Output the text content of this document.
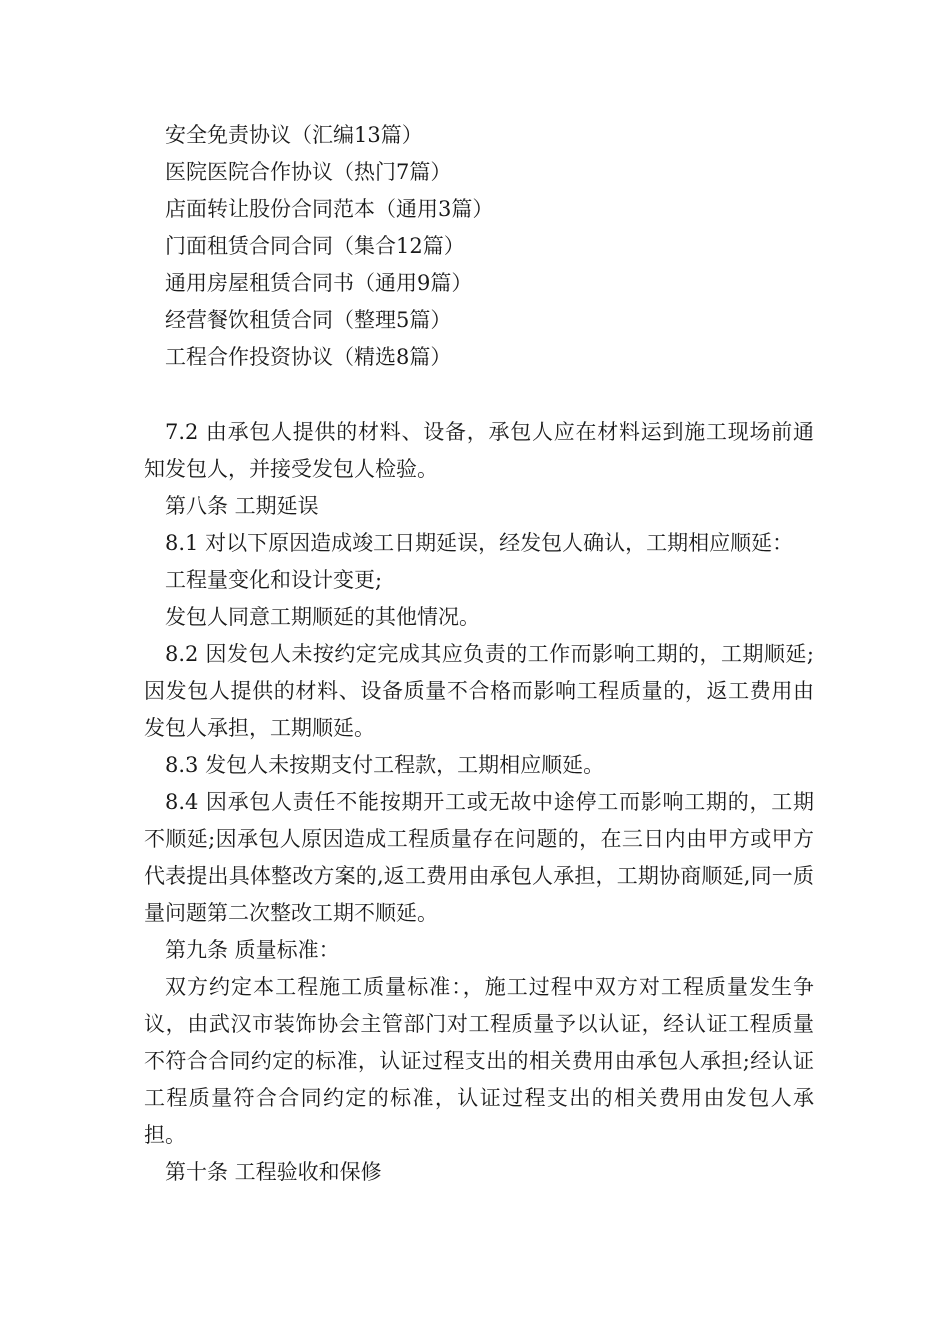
安全免责协议（汇编13篇）
医院医院合作协议（热门7篇）
店面转让股份合同范本（通用3篇）
门面租赁合同合同（集合12篇）
通用房屋租赁合同书（通用9篇）
经营餐饮租赁合同（整理5篇）
工程合作投资协议（精选8篇）

7.2 由承包人提供的材料、设备，承包人应在材料运到施工现场前通知发包人，并接受发包人检验。

第八条 工期延误

8.1 对以下原因造成竣工日期延误，经发包人确认，工期相应顺延：

工程量变化和设计变更;

发包人同意工期顺延的其他情况。

8.2 因发包人未按约定完成其应负责的工作而影响工期的，工期顺延;因发包人提供的材料、设备质量不合格而影响工程质量的，返工费用由发包人承担，工期顺延。

8.3 发包人未按期支付工程款，工期相应顺延。

8.4 因承包人责任不能按期开工或无故中途停工而影响工期的，工期不顺延;因承包人原因造成工程质量存在问题的，在三日内由甲方或甲方代表提出具体整改方案的,返工费用由承包人承担，工期协商顺延,同一质量问题第二次整改工期不顺延。

第九条 质量标准：

双方约定本工程施工质量标准：，施工过程中双方对工程质量发生争议，由武汉市装饰协会主管部门对工程质量予以认证，经认证工程质量不符合合同约定的标准，认证过程支出的相关费用由承包人承担;经认证工程质量符合合同约定的标准，认证过程支出的相关费用由发包人承担。

第十条 工程验收和保修
